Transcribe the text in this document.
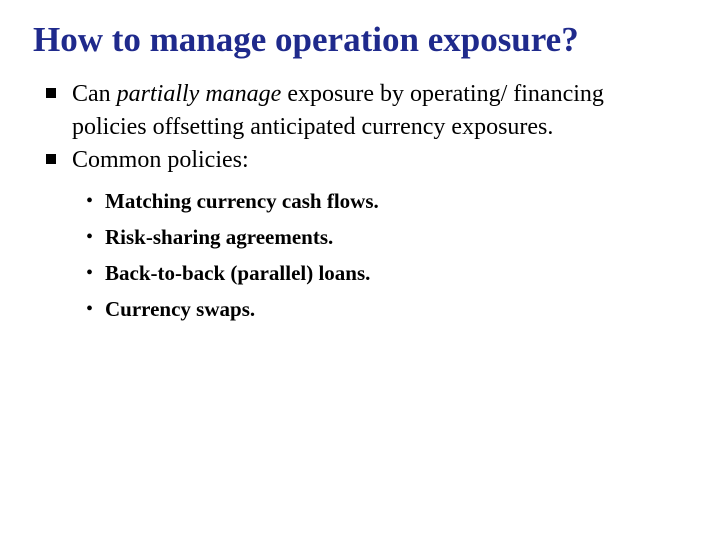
How to manage operation exposure?
Can partially manage exposure by operating/ financing policies offsetting anticipated currency exposures.
Common policies:
• Matching currency cash flows.
• Risk-sharing agreements.
• Back-to-back (parallel) loans.
• Currency swaps.
